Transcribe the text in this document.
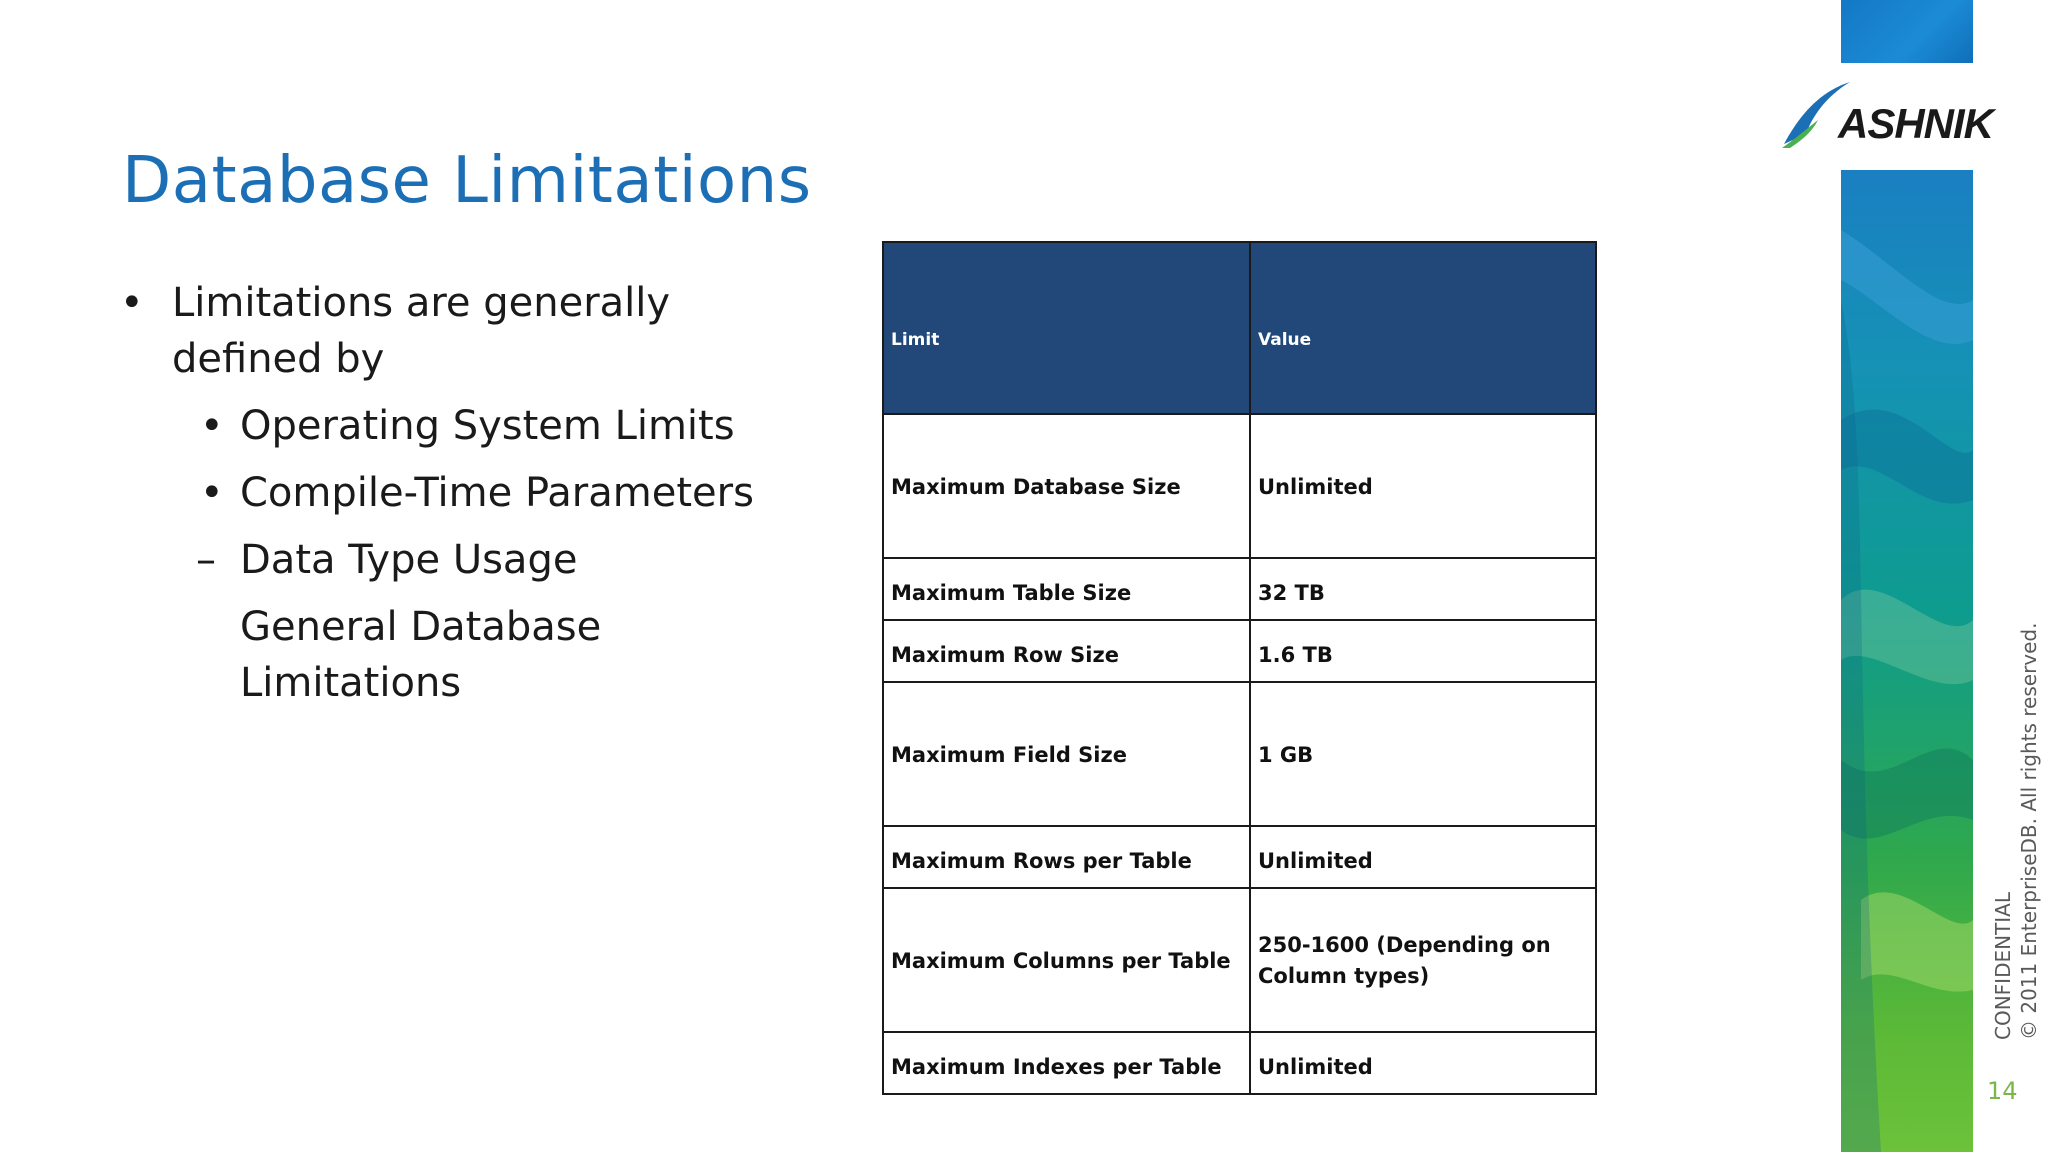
Database Limitations
• Limitations are generally
defined by
• Operating System Limits
• Compile-Time Parameters
– Data Type Usage
General Database
Limitations
Limit	Value
Maximum Database Size	Unlimited
Maximum Table Size	32 TB
Maximum Row Size	1.6 TB
Maximum Field Size	1 GB
Maximum Rows per Table	Unlimited
Maximum Columns per Table	250-1600 (Depending on
Column types)
Maximum Indexes per Table	Unlimited
ASHNIK
CONFIDENTIAL © 2011 EnterpriseDB. All rights reserved.
14
